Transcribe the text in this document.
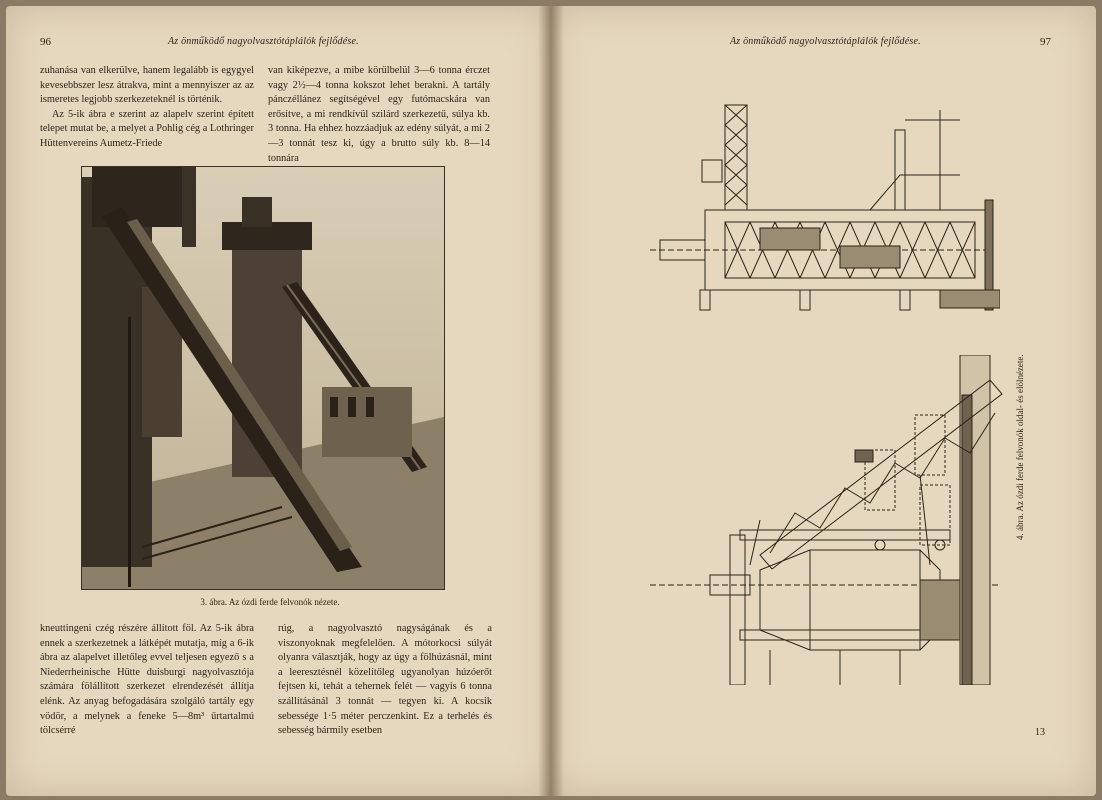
96	Az önműködő nagyolvasztótáplálók fejlődése.

zuhanása van elkerülve, hanem legalább is egygyel kevesebbszer lesz átrakva, mint a mennyiszer az az ismeretes legjobb szerkezeteknél is történik.

Az 5-ik ábra e szerint az alapelv szerint épített telepet mutat be, a melyet a Pohlig cég a Lothringer Hüttenvereins Aumetz-Friede

van kiképezve, a mibe körülbelül 3—6 tonna érczet vagy 2½—4 tonna kokszot lehet berakni. A tartály pánczéllánez segítségével egy futómacskára van erősítve, a mi rendkívül szilárd szerkezetű, súlya kb. 3 tonna. Ha ehhez hozzáadjuk az edény súlyát, a mi 2—3 tonnát tesz ki, úgy a brutto súly kb. 8—14 tonnára

3. ábra. Az ózdi ferde felvonók nézete.

kneuttingeni czég részére állított föl. Az 5-ik ábra ennek a szerkezetnek a látképét mutatja, míg a 6-ik ábra az alapelvet illetőleg evvel teljesen egyező s a Niederrheinische Hütte duisburgi nagyolvasztója számára fölállított szerkezet elrendezését állítja elénk. Az anyag befogadására szolgáló tartály egy vödör, a melynek a feneke 5—8m³ űrtartalmú tölcsérré

rúg, a nagyolvasztó nagyságának és a viszonyoknak megfelelően. A mótorkocsi súlyát olyanra választják, hogy az úgy a fölhúzásnál, mint a leeresztésnél közelítőleg ugyanolyan húzóerőt fejtsen ki, tehát a tehernek felét — vagyis 6 tonna szállításánál 3 tonnát — tegyen ki. A kocsik sebessége 1·5 méter perczenkint. Ez a terhelés és sebesség bármily esetben

Az önműködő nagyolvasztótáplálók fejlődése.	97
4. ábra. Az ózdi ferde felvonók oldal- és elölnézete.
13
